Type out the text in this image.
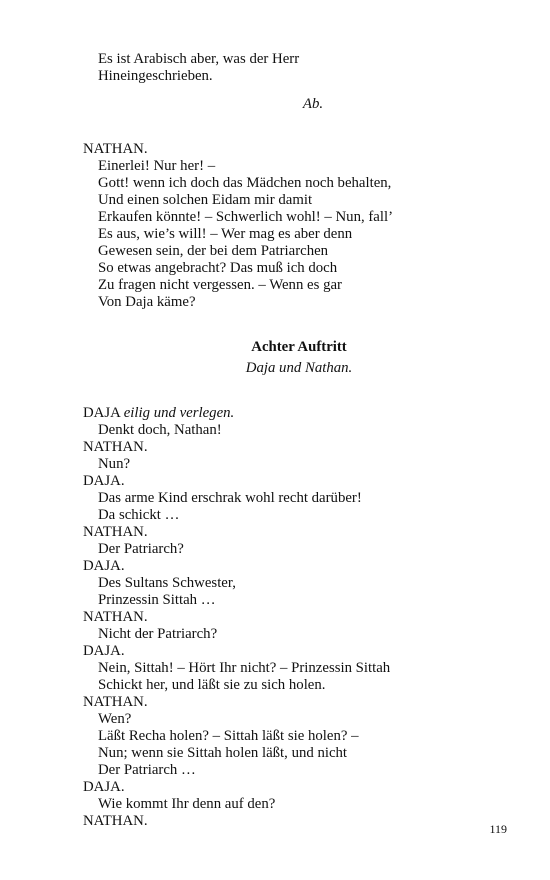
Es ist Arabisch aber, was der Herr
Hineingeschrieben.
Ab.
NATHAN.
Einerlei! Nur her! –
Gott! wenn ich doch das Mädchen noch behalten,
Und einen solchen Eidam mir damit
Erkaufen könnte! – Schwerlich wohl! – Nun, fall’
Es aus, wie’s will! – Wer mag es aber denn
Gewesen sein, der bei dem Patriarchen
So etwas angebracht? Das muß ich doch
Zu fragen nicht vergessen. – Wenn es gar
Von Daja käme?
Achter Auftritt
Daja und Nathan.
DAJA eilig und verlegen.
Denkt doch, Nathan!
NATHAN.
Nun?
DAJA.
Das arme Kind erschrak wohl recht darüber!
Da schickt …
NATHAN.
Der Patriarch?
DAJA.
Des Sultans Schwester,
Prinzessin Sittah …
NATHAN.
Nicht der Patriarch?
DAJA.
Nein, Sittah! – Hört Ihr nicht? – Prinzessin Sittah
Schickt her, und läßt sie zu sich holen.
NATHAN.
Wen?
Läßt Recha holen? – Sittah läßt sie holen? –
Nun; wenn sie Sittah holen läßt, und nicht
Der Patriarch …
DAJA.
Wie kommt Ihr denn auf den?
NATHAN.	119
